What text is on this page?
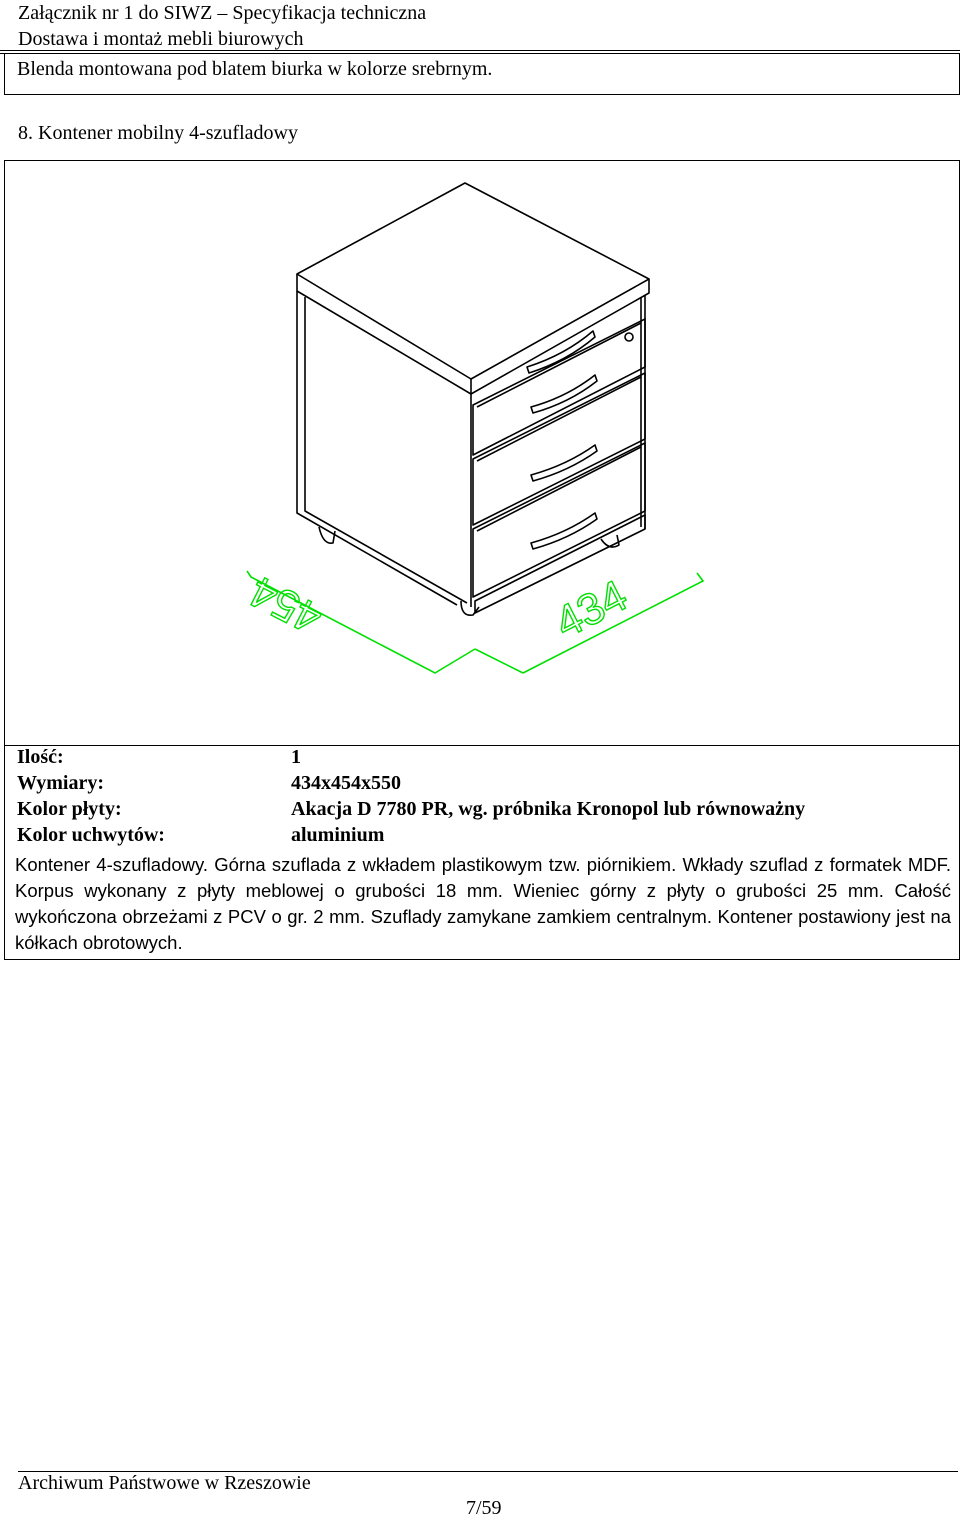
Załącznik nr 1 do SIWZ – Specyfikacja techniczna
Dostawa i montaż mebli biurowych
Blenda montowana pod blatem biurka w kolorze srebrnym.
8. Kontener mobilny 4-szufladowy
434
454
Ilość:	1
Wymiary:	434x454x550
Kolor płyty:	Akacja D 7780 PR, wg. próbnika Kronopol lub równoważny
Kolor uchwytów:	aluminium
Kontener 4-szufladowy. Górna szuflada z wkładem plastikowym tzw. piórnikiem. Wkłady szuflad z formatek MDF. Korpus wykonany z płyty meblowej o grubości 18 mm. Wieniec górny z płyty o grubości 25 mm. Całość wykończona obrzeżami z PCV o gr. 2 mm. Szuflady zamykane zamkiem centralnym. Kontener postawiony jest na kółkach obrotowych.
Archiwum Państwowe w Rzeszowie
7/59
